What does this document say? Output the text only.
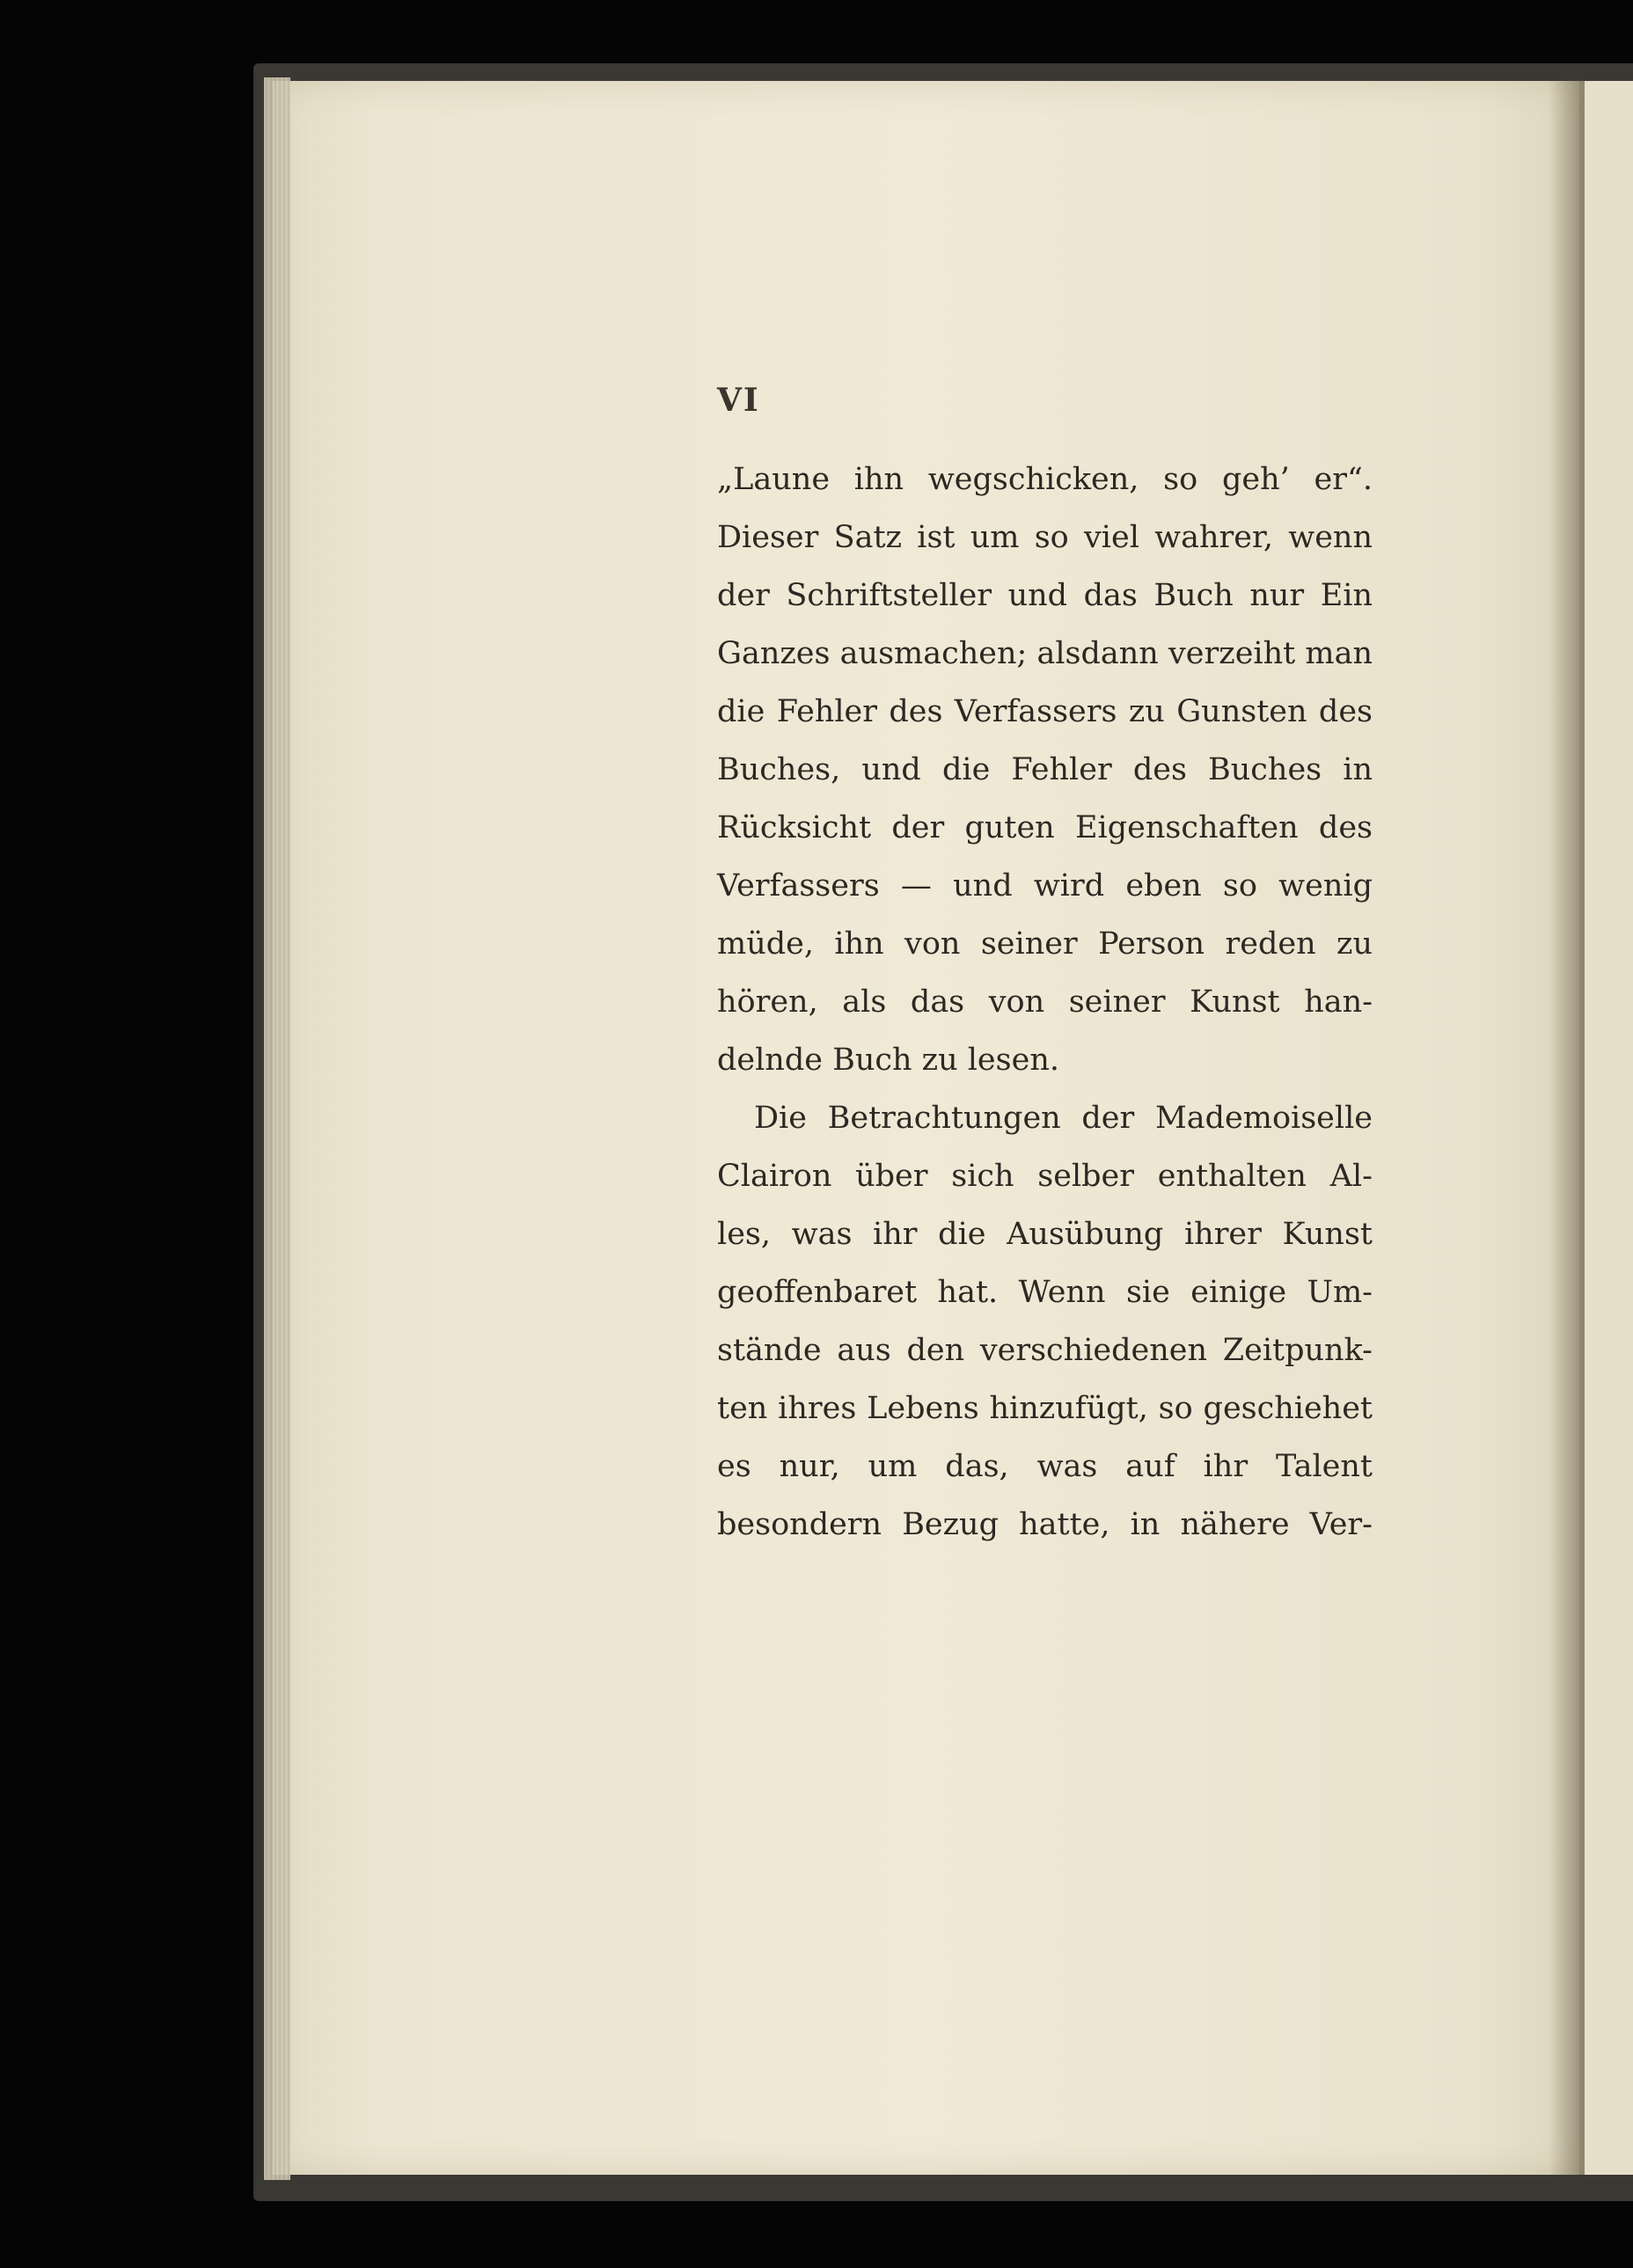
VI

„Laune ihn wegschicken, so geh’ er“.
Dieser Satz ist um so viel wahrer, wenn
der Schriftsteller und das Buch nur Ein
Ganzes ausmachen; alsdann verzeiht man
die Fehler des Verfassers zu Gunsten des
Buches, und die Fehler des Buches in
Rücksicht der guten Eigenschaften des
Verfassers — und wird eben so wenig
müde, ihn von seiner Person reden zu
hören, als das von seiner Kunst han-
delnde Buch zu lesen.
Die Betrachtungen der Mademoiselle
Clairon über sich selber enthalten Al-
les, was ihr die Ausübung ihrer Kunst
geoffenbaret hat. Wenn sie einige Um-
stände aus den verschiedenen Zeitpunk-
ten ihres Lebens hinzufügt, so geschiehet
es nur, um das, was auf ihr Talent
besondern Bezug hatte, in nähere Ver-
